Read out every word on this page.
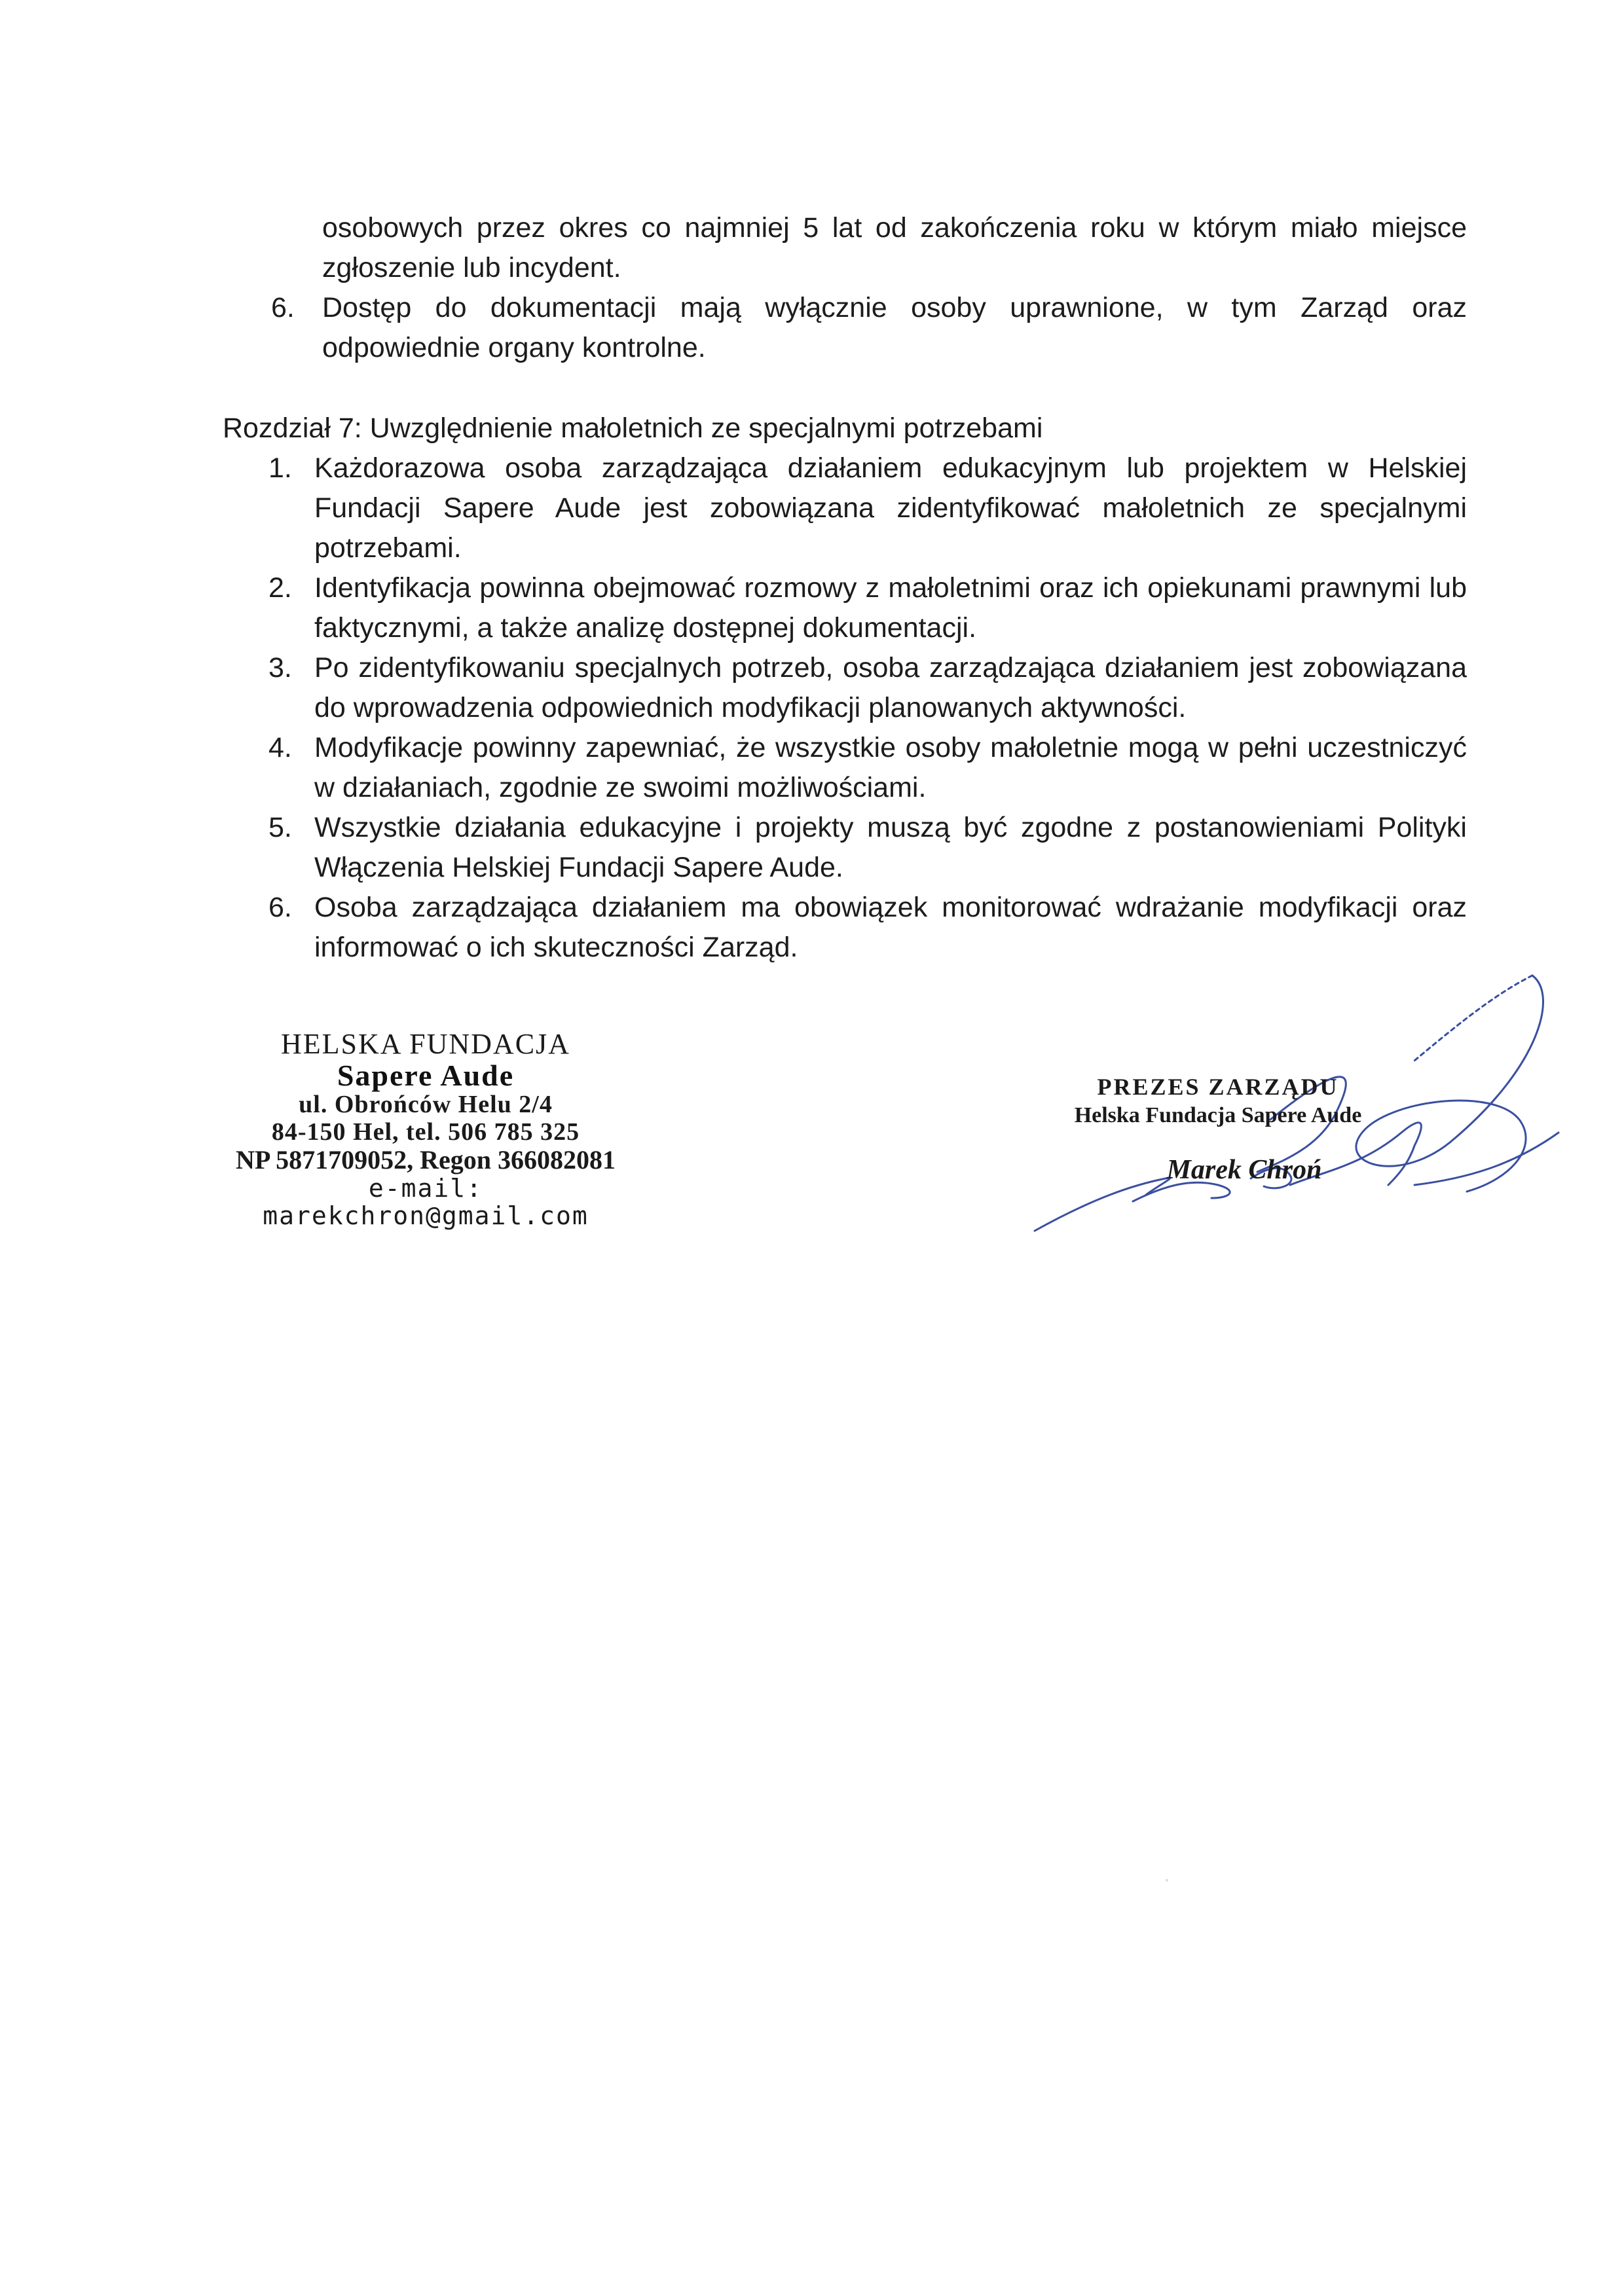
osobowych przez okres co najmniej 5 lat od zakończenia roku w którym miało miejsce zgłoszenie lub incydent.

6. Dostęp do dokumentacji mają wyłącznie osoby uprawnione, w tym Zarząd oraz odpowiednie organy kontrolne.
Rozdział 7: Uwzględnienie małoletnich ze specjalnymi potrzebami
1. Każdorazowa osoba zarządzająca działaniem edukacyjnym lub projektem w Helskiej Fundacji Sapere Aude jest zobowiązana zidentyfikować małoletnich ze specjalnymi potrzebami.
2. Identyfikacja powinna obejmować rozmowy z małoletnimi oraz ich opiekunami prawnymi lub faktycznymi, a także analizę dostępnej dokumentacji.
3. Po zidentyfikowaniu specjalnych potrzeb, osoba zarządzająca działaniem jest zobowiązana do wprowadzenia odpowiednich modyfikacji planowanych aktywności.
4. Modyfikacje powinny zapewniać, że wszystkie osoby małoletnie mogą w pełni uczestniczyć w działaniach, zgodnie ze swoimi możliwościami.
5. Wszystkie działania edukacyjne i projekty muszą być zgodne z postanowieniami Polityki Włączenia Helskiej Fundacji Sapere Aude.
6. Osoba zarządzająca działaniem ma obowiązek monitorować wdrażanie modyfikacji oraz informować o ich skuteczności Zarząd.
HELSKA FUNDACJA
Sapere Aude
ul. Obrońców Helu 2/4
84-150 Hel, tel. 506 785 325
NP 5871709052, Regon 366082081
e-mail: marekchron@gmail.com
PREZES ZARZĄDU
Helska Fundacja Sapere Aude
Marek Chroń
